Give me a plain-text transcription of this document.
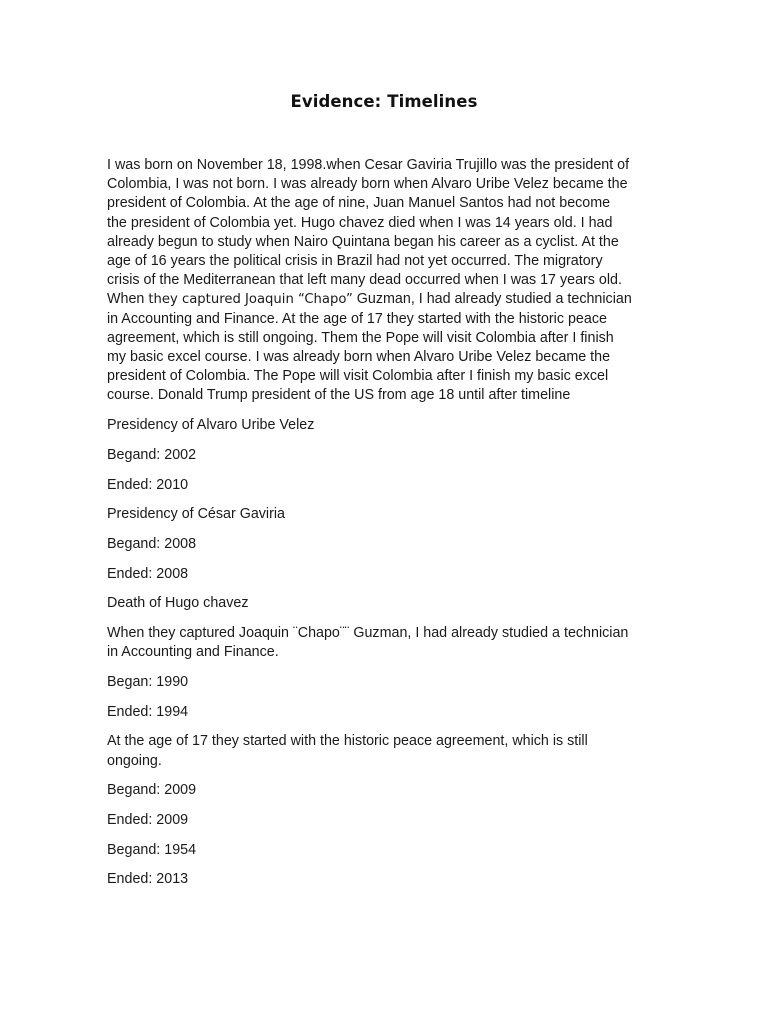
Evidence: Timelines

I was born on November 18, 1998.when Cesar Gaviria Trujillo was the president of
Colombia, I was not born. I was already born when Alvaro Uribe Velez became the
president of Colombia. At the age of nine, Juan Manuel Santos had not become
the president of Colombia yet. Hugo chavez died when I was 14 years old. I had
already begun to study when Nairo Quintana began his career as a cyclist. At the
age of 16 years the political crisis in Brazil had not yet occurred. The migratory
crisis of the Mediterranean that left many dead occurred when I was 17 years old.
When they captured Joaquin “Chapo” Guzman, I had already studied a technician
in Accounting and Finance. At the age of 17 they started with the historic peace
agreement, which is still ongoing. Them the Pope will visit Colombia after I finish
my basic excel course. I was already born when Alvaro Uribe Velez became the
president of Colombia. The Pope will visit Colombia after I finish my basic excel
course. Donald Trump president of the US from age 18 until after timeline

Presidency of Alvaro Uribe Velez

Begand: 2002

Ended: 2010

Presidency of César Gaviria

Begand: 2008

Ended: 2008

Death of Hugo chavez

When they captured Joaquin ¨Chapo¨¨ Guzman, I had already studied a technician
in Accounting and Finance.

Began: 1990

Ended: 1994

At the age of 17 they started with the historic peace agreement, which is still
ongoing.

Begand: 2009

Ended: 2009

Begand: 1954

Ended: 2013
